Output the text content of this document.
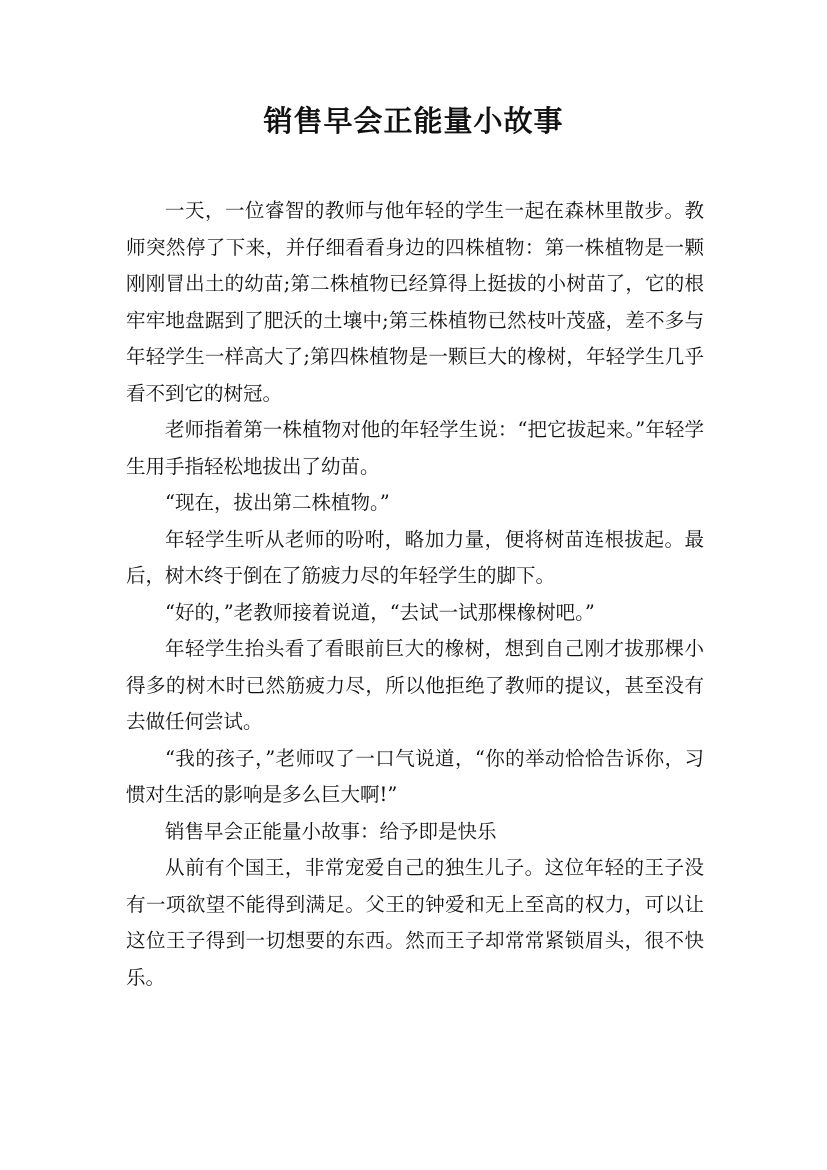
销售早会正能量小故事

一天，一位睿智的教师与他年轻的学生一起在森林里散步。教师突然停了下来，并仔细看看身边的四株植物：第一株植物是一颗刚刚冒出土的幼苗;第二株植物已经算得上挺拔的小树苗了，它的根牢牢地盘踞到了肥沃的土壤中;第三株植物已然枝叶茂盛，差不多与年轻学生一样高大了;第四株植物是一颗巨大的橡树，年轻学生几乎看不到它的树冠。

老师指着第一株植物对他的年轻学生说：“把它拔起来。”年轻学生用手指轻松地拔出了幼苗。

“现在，拔出第二株植物。”

年轻学生听从老师的吩咐，略加力量，便将树苗连根拔起。最后，树木终于倒在了筋疲力尽的年轻学生的脚下。

“好的，”老教师接着说道，“去试一试那棵橡树吧。”

年轻学生抬头看了看眼前巨大的橡树，想到自己刚才拔那棵小得多的树木时已然筋疲力尽，所以他拒绝了教师的提议，甚至没有去做任何尝试。

“我的孩子，”老师叹了一口气说道，“你的举动恰恰告诉你，习惯对生活的影响是多么巨大啊!”

销售早会正能量小故事：给予即是快乐

从前有个国王，非常宠爱自己的独生儿子。这位年轻的王子没有一项欲望不能得到满足。父王的钟爱和无上至高的权力，可以让这位王子得到一切想要的东西。然而王子却常常紧锁眉头，很不快乐。
